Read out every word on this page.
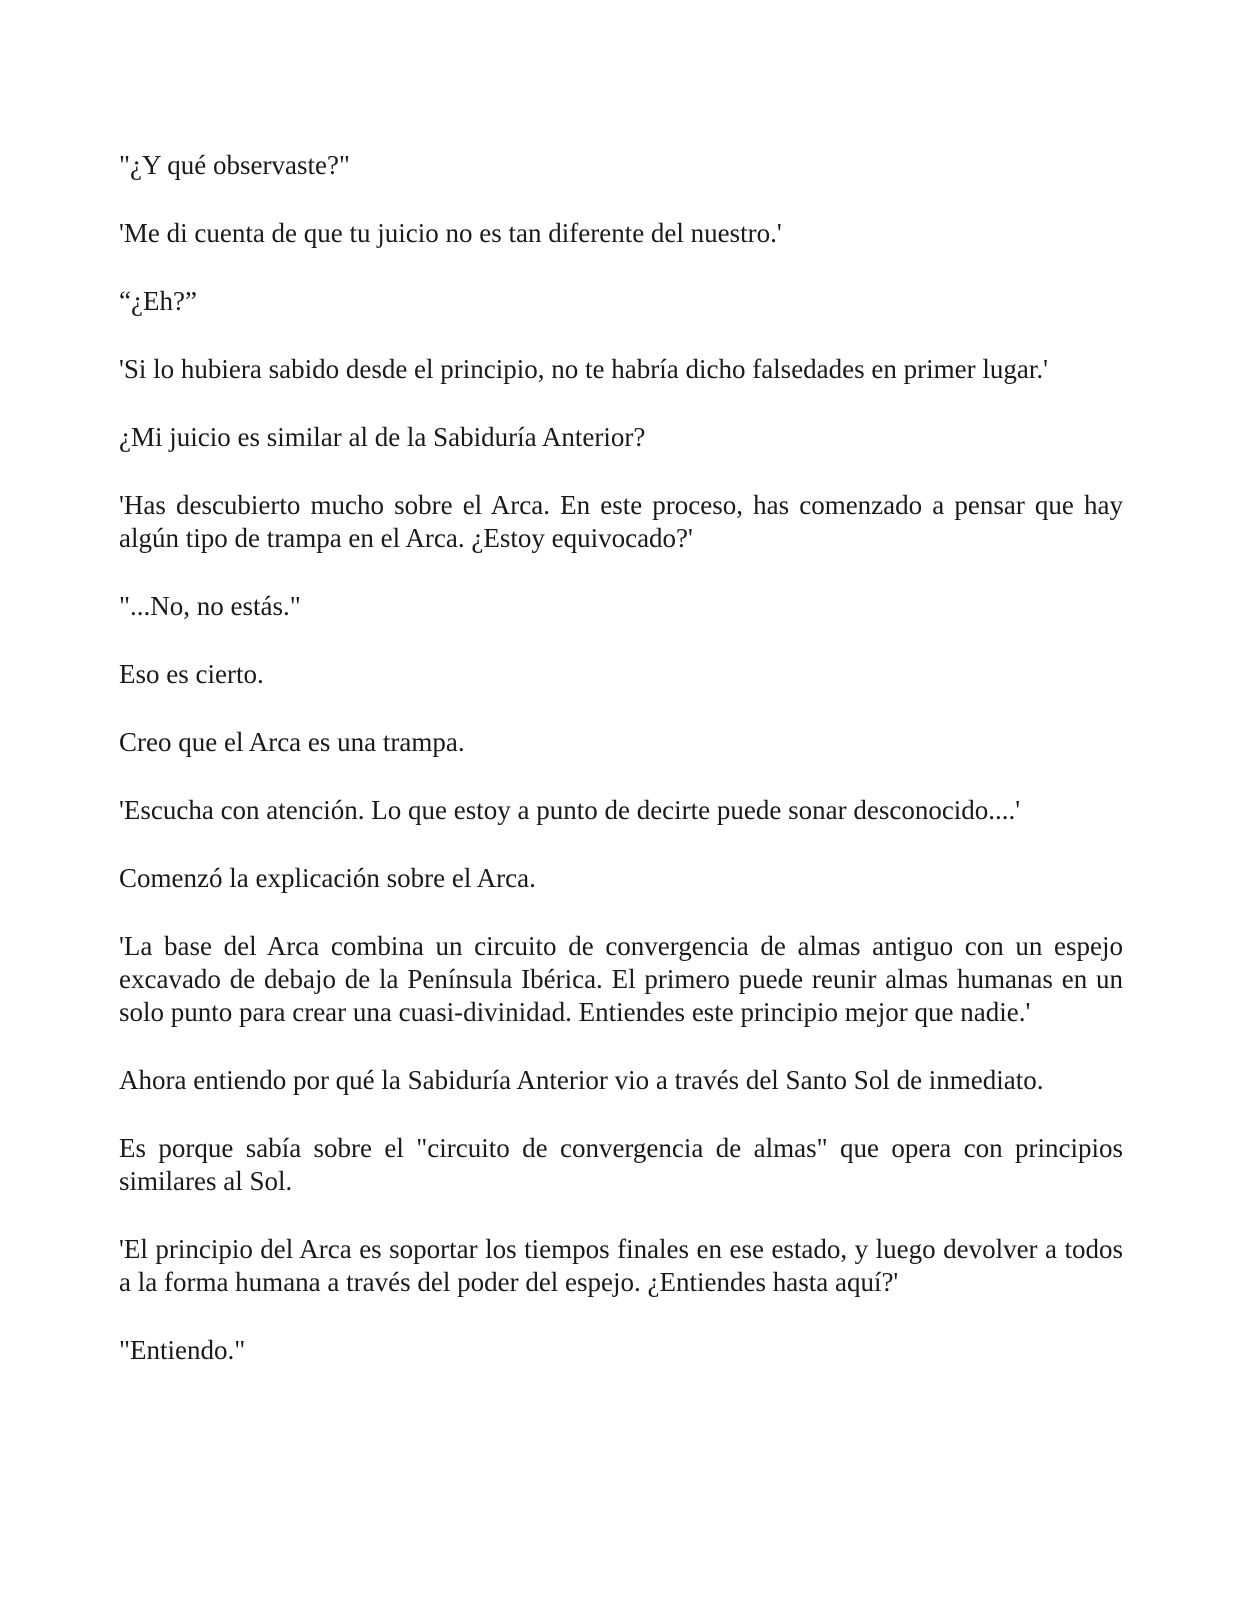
"¿Y qué observaste?"

'Me di cuenta de que tu juicio no es tan diferente del nuestro.'

“¿Eh?”

'Si lo hubiera sabido desde el principio, no te habría dicho falsedades en primer lugar.'

¿Mi juicio es similar al de la Sabiduría Anterior?

'Has descubierto mucho sobre el Arca. En este proceso, has comenzado a pensar que hay algún tipo de trampa en el Arca. ¿Estoy equivocado?'

"...No, no estás."

Eso es cierto.

Creo que el Arca es una trampa.

'Escucha con atención. Lo que estoy a punto de decirte puede sonar desconocido....'

Comenzó la explicación sobre el Arca.

'La base del Arca combina un circuito de convergencia de almas antiguo con un espejo excavado de debajo de la Península Ibérica. El primero puede reunir almas humanas en un solo punto para crear una cuasi-divinidad. Entiendes este principio mejor que nadie.'

Ahora entiendo por qué la Sabiduría Anterior vio a través del Santo Sol de inmediato.

Es porque sabía sobre el "circuito de convergencia de almas" que opera con principios similares al Sol.

'El principio del Arca es soportar los tiempos finales en ese estado, y luego devolver a todos a la forma humana a través del poder del espejo. ¿Entiendes hasta aquí?'

"Entiendo."
